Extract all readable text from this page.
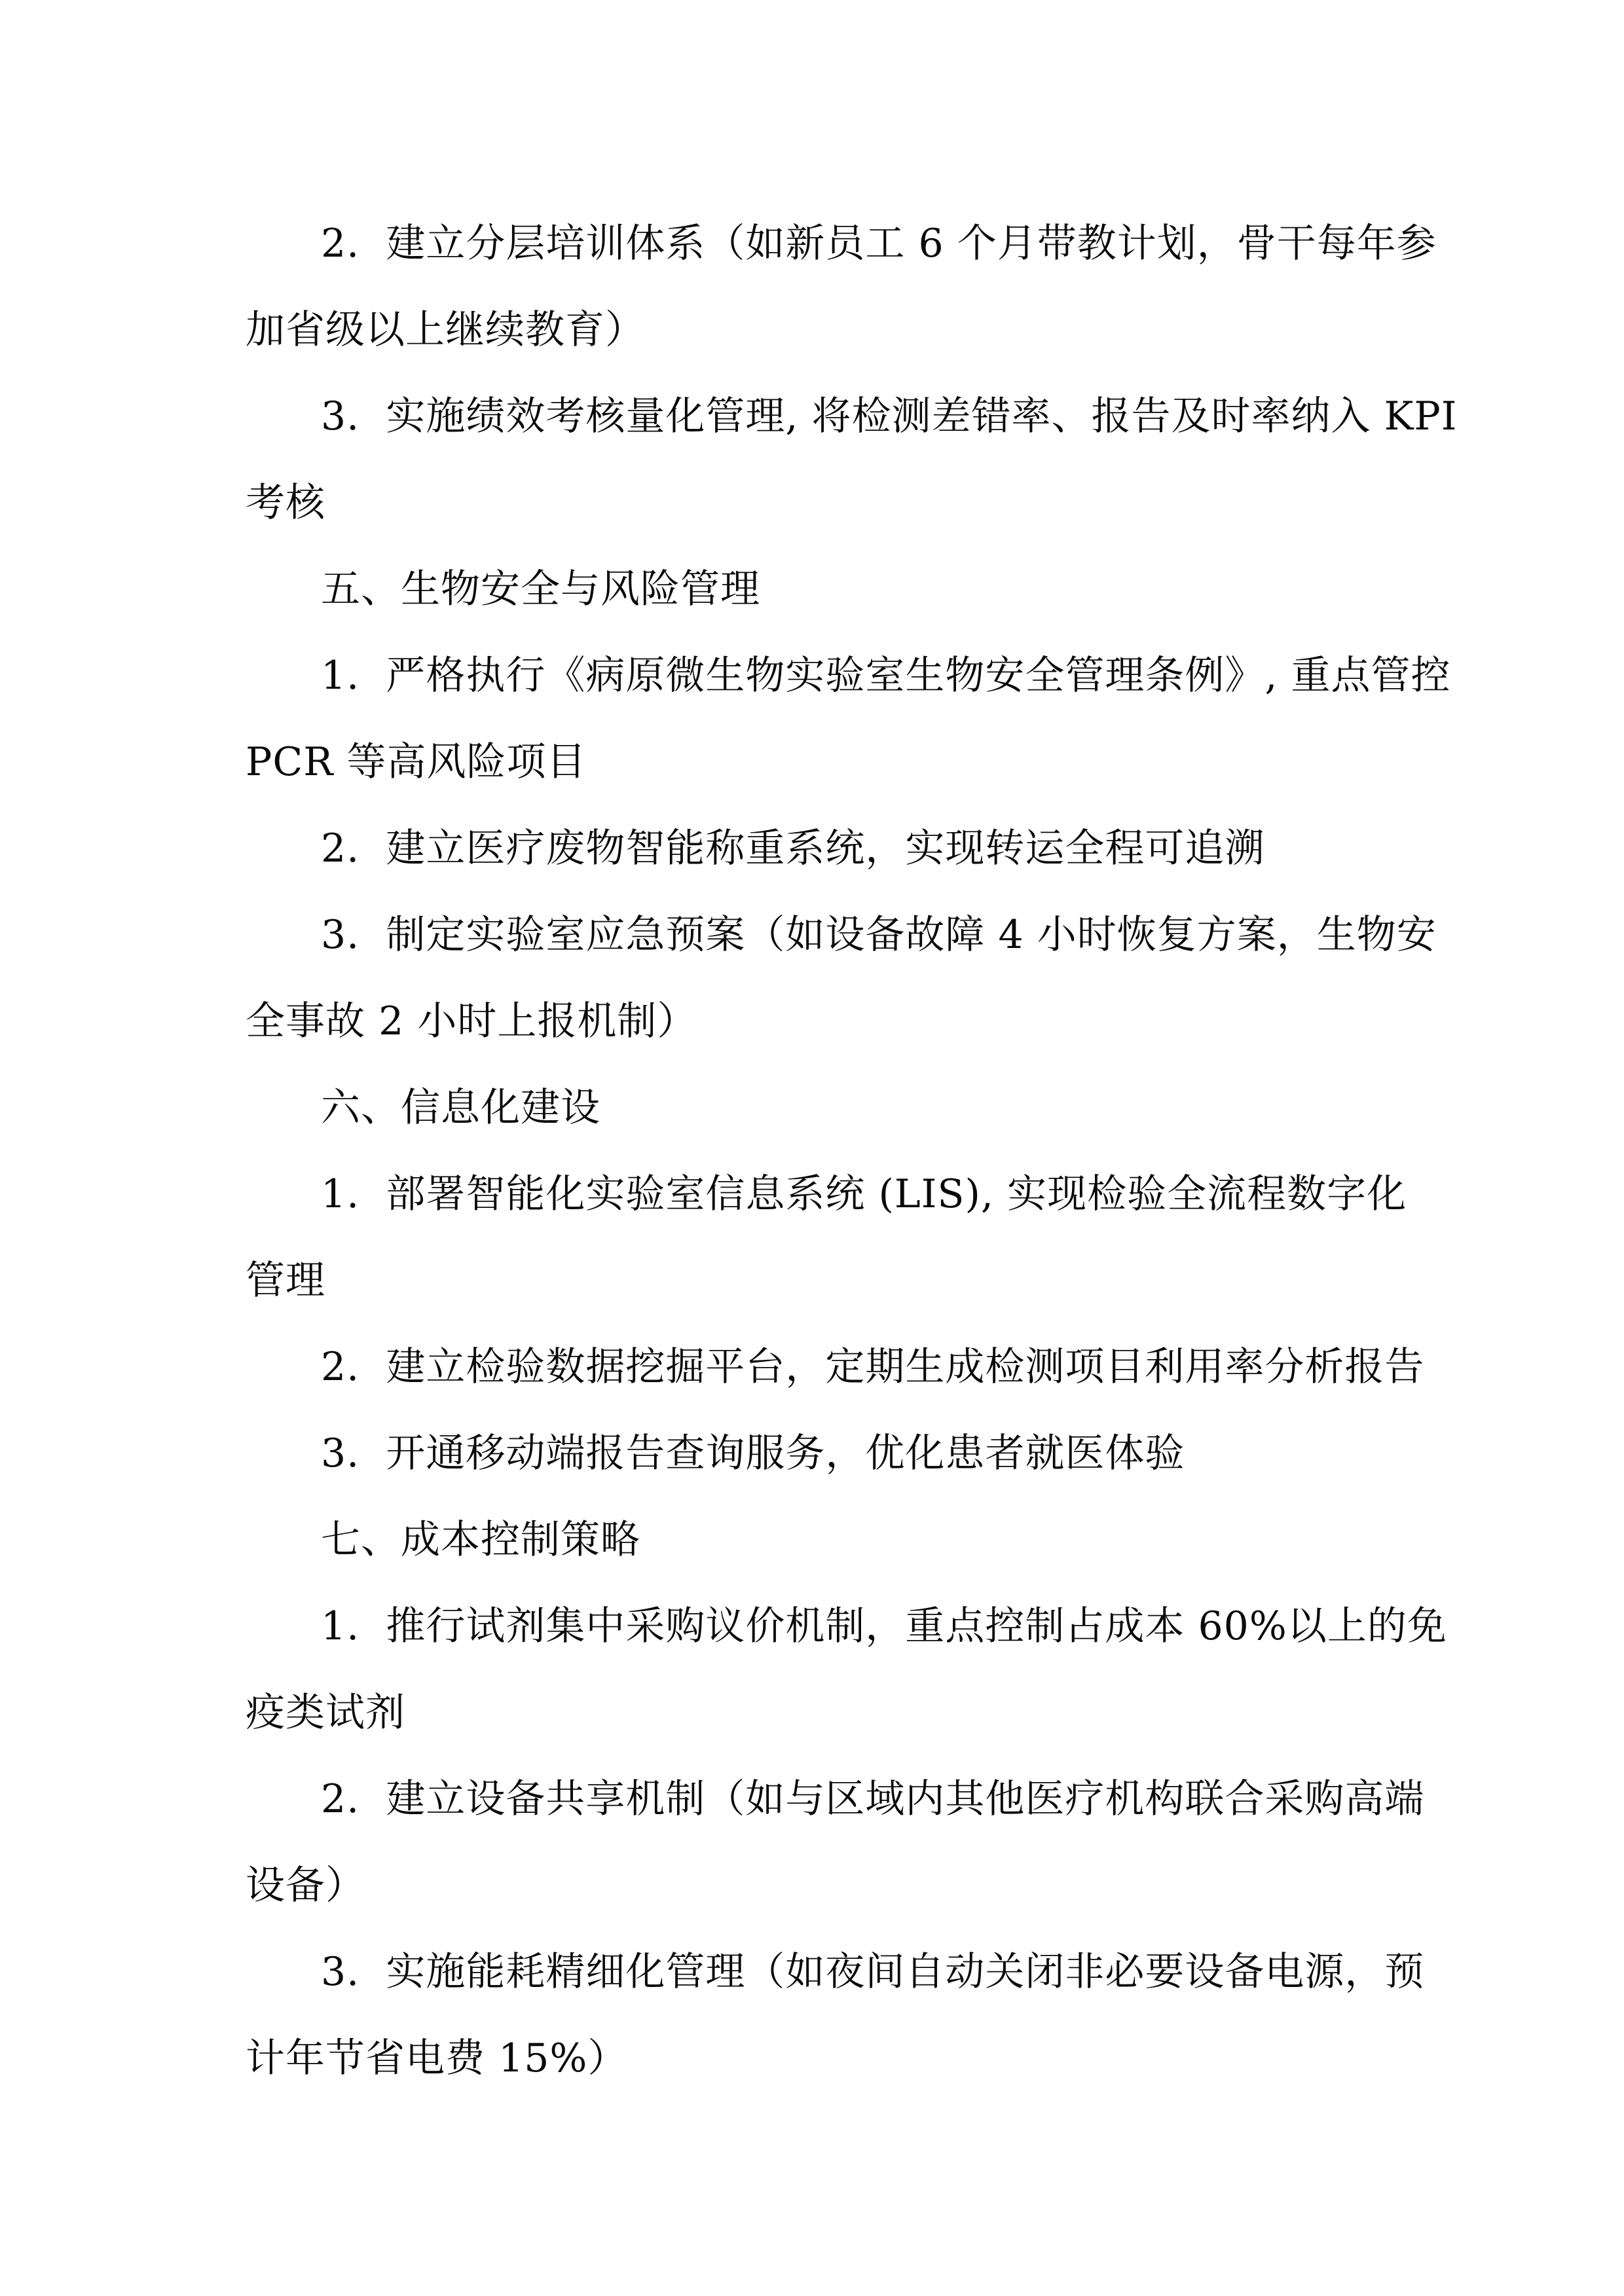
2.  建立分层培训体系（如新员工 6 个月带教计划，骨干每年参
加省级以上继续教育）
3.  实施绩效考核量化管理, 将检测差错率、报告及时率纳入 KPI
考核
五、生物安全与风险管理
1.  严格执行《病原微生物实验室生物安全管理条例》, 重点管控
PCR 等高风险项目
2.  建立医疗废物智能称重系统，实现转运全程可追溯
3.  制定实验室应急预案（如设备故障 4 小时恢复方案，生物安
全事故 2 小时上报机制）
六、信息化建设
1.  部署智能化实验室信息系统 (LIS), 实现检验全流程数字化
管理
2.  建立检验数据挖掘平台，定期生成检测项目利用率分析报告
3.  开通移动端报告查询服务，优化患者就医体验
七、成本控制策略
1.  推行试剂集中采购议价机制，重点控制占成本 60%以上的免
疫类试剂
2.  建立设备共享机制（如与区域内其他医疗机构联合采购高端
设备）
3.  实施能耗精细化管理（如夜间自动关闭非必要设备电源，预
计年节省电费 15%）
